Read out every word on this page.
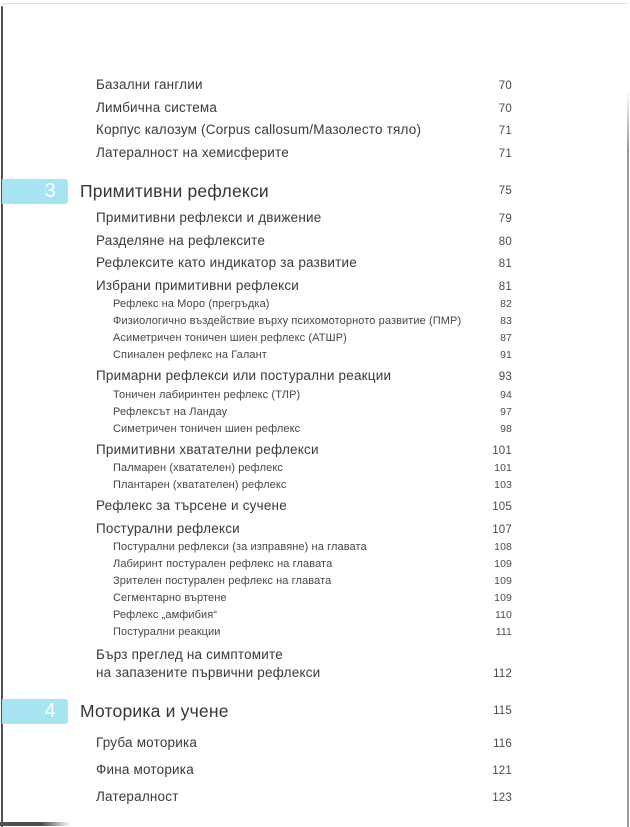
Базални ганглии	70
Лимбична система	70
Корпус калозум (Corpus callosum/Мазолесто тяло)	71
Латералност на хемисферите	71
3	Примитивни рефлекси	75
Примитивни рефлекси и движение	79
Разделяне на рефлексите	80
Рефлексите като индикатор за развитие	81
Избрани примитивни рефлекси	81
Рефлекс на Моро (прегръдка)	82
Физиологично въздействие върху психомоторното развитие (ПМР)	83
Асиметричен тоничен шиен рефлекс (АТШР)	87
Спинален рефлекс на Галант	91
Примарни рефлекси или постурални реакции	93
Тоничен лабиринтен рефлекс (ТЛР)	94
Рефлексът на Ландау	97
Симетричен тоничен шиен рефлекс	98
Примитивни хватателни рефлекси	101
Палмарен (хватателен) рефлекс	101
Плантарен (хватателен) рефлекс	103
Рефлекс за търсене и сучене	105
Постурални рефлекси	107
Постурални рефлекси (за изправяне) на главата	108
Лабиринт постурален рефлекс на главата	109
Зрителен постурален рефлекс на главата	109
Сегментарно въртене	109
Рефлекс „амфибия“	110
Постурални реакции	111
Бърз преглед на симптомите
на запазените първични рефлекси	112
4	Моторика и учене	115
Груба моторика	116
Фина моторика	121
Латералност	123
